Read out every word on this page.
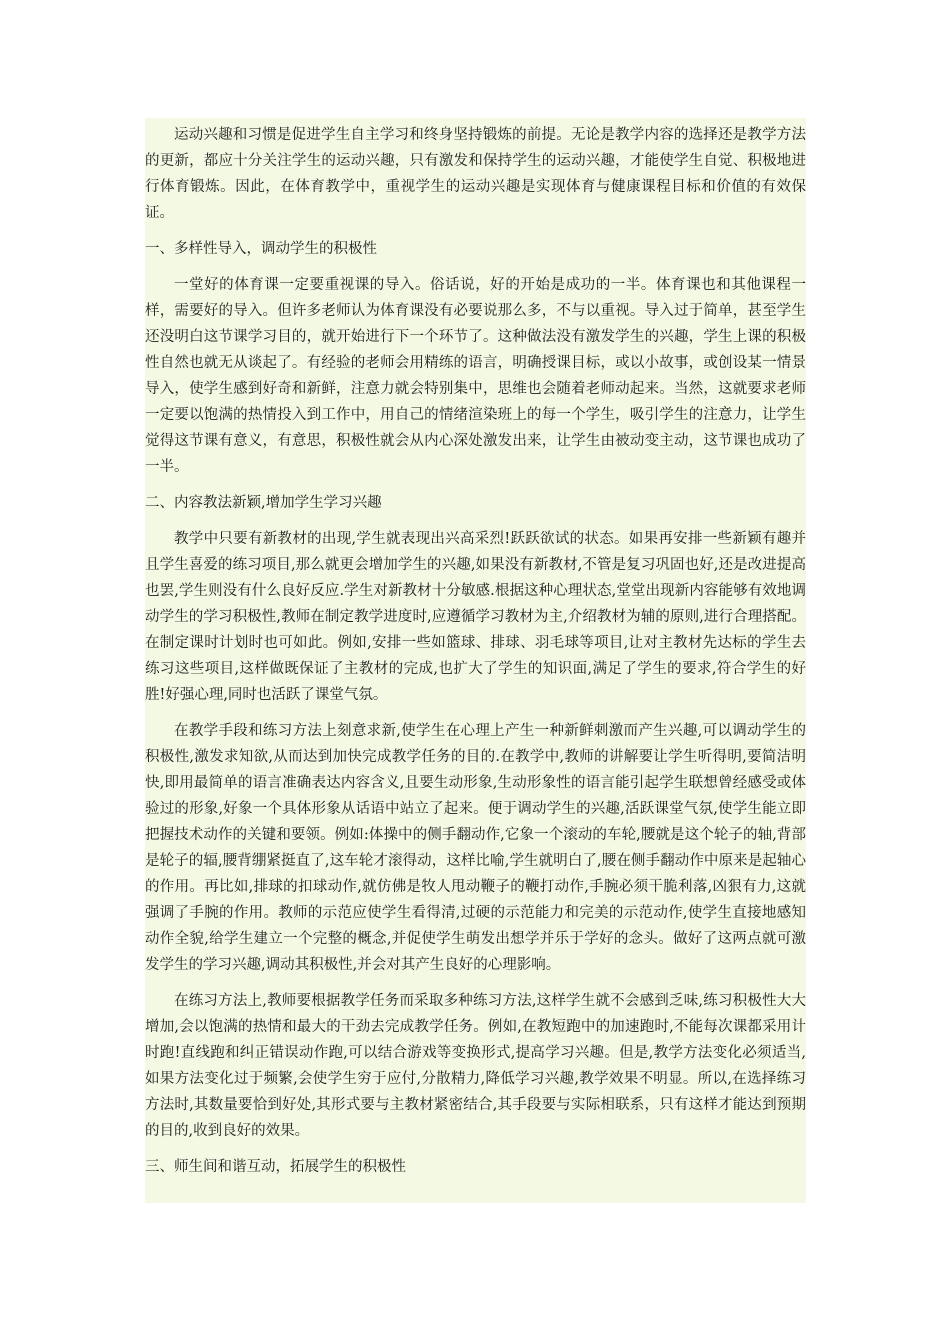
运动兴趣和习惯是促进学生自主学习和终身坚持锻炼的前提。无论是教学内容的选择还是教学方法的更新，都应十分关注学生的运动兴趣，只有激发和保持学生的运动兴趣，才能使学生自觉、积极地进行体育锻炼。因此，在体育教学中，重视学生的运动兴趣是实现体育与健康课程目标和价值的有效保证。

一、多样性导入，调动学生的积极性

一堂好的体育课一定要重视课的导入。俗话说，好的开始是成功的一半。体育课也和其他课程一样，需要好的导入。但许多老师认为体育课没有必要说那么多，不与以重视。导入过于简单，甚至学生还没明白这节课学习目的，就开始进行下一个环节了。这种做法没有激发学生的兴趣，学生上课的积极性自然也就无从谈起了。有经验的老师会用精练的语言，明确授课目标，或以小故事，或创设某一情景导入，使学生感到好奇和新鲜，注意力就会特别集中，思维也会随着老师动起来。当然，这就要求老师一定要以饱满的热情投入到工作中，用自己的情绪渲染班上的每一个学生，吸引学生的注意力，让学生觉得这节课有意义，有意思，积极性就会从内心深处激发出来，让学生由被动变主动，这节课也成功了一半。

二、内容教法新颖,增加学生学习兴趣

教学中只要有新教材的出现,学生就表现出兴高采烈!跃跃欲试的状态。如果再安排一些新颖有趣并且学生喜爱的练习项目,那么就更会增加学生的兴趣,如果没有新教材,不管是复习巩固也好,还是改进提高也罢,学生则没有什么良好反应.学生对新教材十分敏感.根据这种心理状态,堂堂出现新内容能够有效地调动学生的学习积极性,教师在制定教学进度时,应遵循学习教材为主,介绍教材为辅的原则,进行合理搭配。在制定课时计划时也可如此。例如,安排一些如篮球、排球、羽毛球等项目,让对主教材先达标的学生去练习这些项目,这样做既保证了主教材的完成,也扩大了学生的知识面,满足了学生的要求,符合学生的好胜!好强心理,同时也活跃了课堂气氛。

在教学手段和练习方法上刻意求新,使学生在心理上产生一种新鲜刺激而产生兴趣,可以调动学生的积极性,激发求知欲,从而达到加快完成教学任务的目的.在教学中,教师的讲解要让学生听得明,要简洁明快,即用最简单的语言准确表达内容含义,且要生动形象,生动形象性的语言能引起学生联想曾经感受或体验过的形象,好象一个具体形象从话语中站立了起来。便于调动学生的兴趣,活跃课堂气氛,使学生能立即把握技术动作的关键和要领。例如:体操中的侧手翻动作,它象一个滚动的车轮,腰就是这个轮子的轴,背部是轮子的辐,腰背绷紧挺直了,这车轮才滚得动，这样比喻,学生就明白了,腰在侧手翻动作中原来是起轴心的作用。再比如,排球的扣球动作,就仿佛是牧人甩动鞭子的鞭打动作,手腕必须干脆利落,凶狠有力,这就强调了手腕的作用。教师的示范应使学生看得清,过硬的示范能力和完美的示范动作,使学生直接地感知动作全貌,给学生建立一个完整的概念,并促使学生萌发出想学并乐于学好的念头。做好了这两点就可激发学生的学习兴趣,调动其积极性,并会对其产生良好的心理影响。

在练习方法上,教师要根据教学任务而采取多种练习方法,这样学生就不会感到乏味,练习积极性大大增加,会以饱满的热情和最大的干劲去完成教学任务。例如,在教短跑中的加速跑时,不能每次课都采用计时跑!直线跑和纠正错误动作跑,可以结合游戏等变换形式,提高学习兴趣。但是,教学方法变化必须适当,如果方法变化过于频繁,会使学生穷于应付,分散精力,降低学习兴趣,教学效果不明显。所以,在选择练习方法时,其数量要恰到好处,其形式要与主教材紧密结合,其手段要与实际相联系，只有这样才能达到预期的目的,收到良好的效果。

三、师生间和谐互动，拓展学生的积极性
